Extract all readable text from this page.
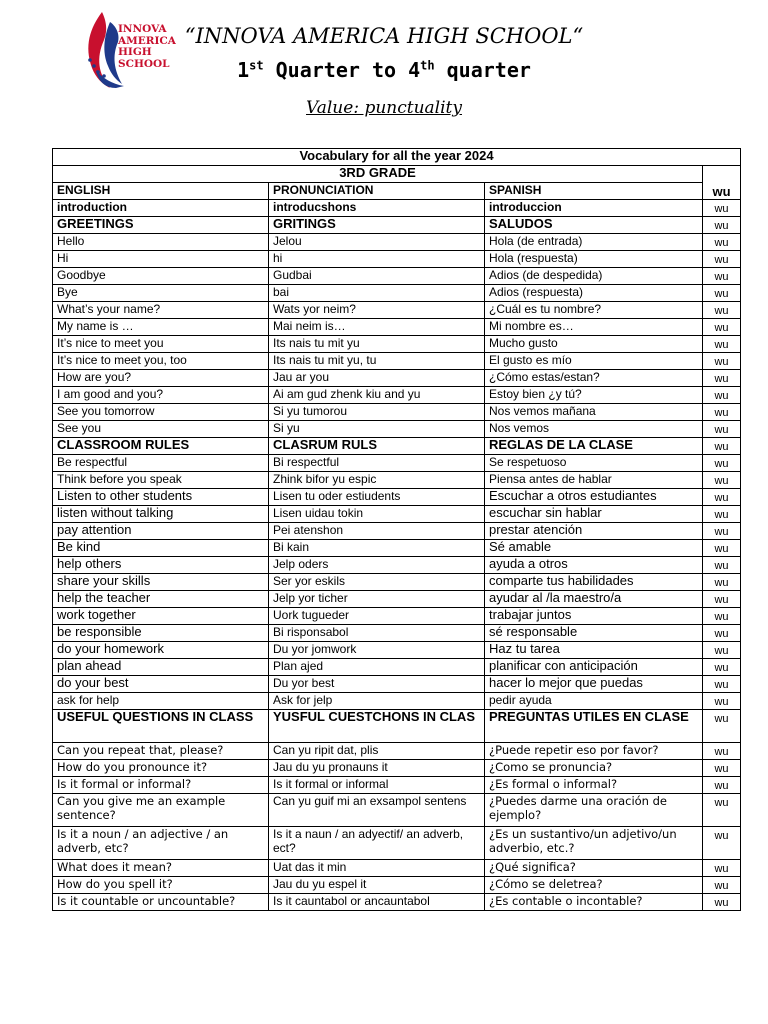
INNOVA
AMERICA
HIGH
SCHOOL
“INNOVA AMERICA HIGH SCHOOL“
1st Quarter to 4th quarter
Value: punctuality
Vocabulary for all the year 2024			
3RD GRADE			wu
ENGLISH	PRONUNCIATION	SPANISH	
introduction	introducshons	introduccion	wu
GREETINGS	GRITINGS	SALUDOS	wu
Hello	Jelou	Hola (de entrada)	wu
Hi	hi	Hola (respuesta)	wu
Goodbye	Gudbai	Adios (de despedida)	wu
Bye	bai	Adios (respuesta)	wu
What’s your name?	Wats yor neim?	¿Cuál es tu nombre?	wu
My name is …	Mai neim is…	Mi nombre es…	wu
It’s nice to meet you	Its nais tu mit yu	Mucho gusto	wu
It’s nice to meet you, too	Its nais tu mit yu, tu	El gusto es mío	wu
How are you?	Jau ar you	¿Cómo estas/estan?	wu
I am good and you?	Ai am gud zhenk kiu and yu	Estoy bien ¿y tú?	wu
See you tomorrow	Si yu tumorou	Nos vemos mañana	wu
See you	Si yu	Nos vemos	wu
CLASSROOM RULES	CLASRUM RULS	REGLAS DE LA CLASE	wu
Be respectful	Bi respectful	Se respetuoso	wu
Think before you speak	Zhink bifor yu espic	Piensa antes de hablar	wu
Listen to other students	Lisen tu oder estiudents	Escuchar a otros estudiantes	wu
listen without talking	Lisen uidau tokin	escuchar sin hablar	wu
pay attention	Pei atenshon	prestar atención	wu
Be kind	Bi kain	Sé amable	wu
help others	Jelp oders	ayuda a otros	wu
share your skills	Ser yor eskils	comparte tus habilidades	wu
help the teacher	Jelp yor ticher	ayudar al /la maestro/a	wu
work together	Uork tugueder	trabajar juntos	wu
be responsible	Bi risponsabol	sé responsable	wu
do your homework	Du yor jomwork	Haz tu tarea	wu
plan ahead	Plan ajed	planificar con anticipación	wu
do your best	Du yor best	hacer lo mejor que puedas	wu
ask for help	Ask for jelp	pedir ayuda	wu
USEFUL QUESTIONS IN CLASS	YUSFUL CUESTCHONS IN CLAS	PREGUNTAS UTILES EN CLASE	wu
Can you repeat that, please?	Can yu ripit dat, plis	¿Puede repetir eso por favor?	wu
How do you pronounce it?	Jau du yu pronauns it	¿Como se pronuncia?	wu
Is it formal or informal?	Is it formal or informal	¿Es formal o informal?	wu
Can you give me an example sentence?	Can yu guif mi an exsampol sentens	¿Puedes darme una oración de ejemplo?	wu
Is it a noun / an adjective / an adverb, etc?	Is it a naun / an adyectif/ an adverb, ect?	¿Es un sustantivo/un adjetivo/un adverbio, etc.?	wu
What does it mean?	Uat das it min	¿Qué significa?	wu
How do you spell it?	Jau du yu espel it	¿Cómo se deletrea?	wu
Is it countable or uncountable?	Is it cauntabol or ancauntabol	¿Es contable o incontable?	wu
